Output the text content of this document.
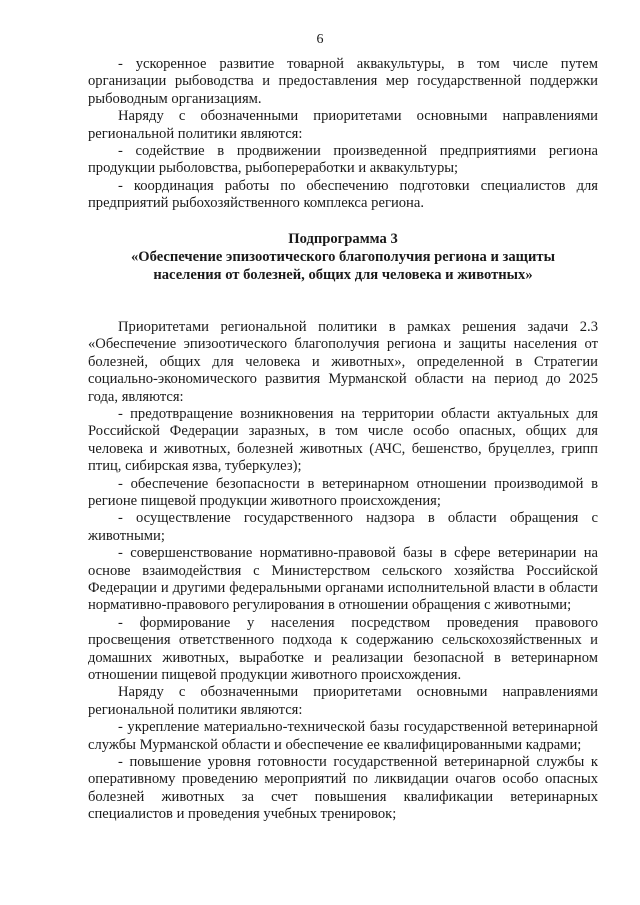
6

- ускоренное развитие товарной аквакультуры, в том числе путем организации рыбоводства и предоставления мер государственной поддержки рыбоводным организациям.

Наряду с обозначенными приоритетами основными направлениями региональной политики являются:

- содействие в продвижении произведенной предприятиями региона продукции рыболовства, рыбопереработки и аквакультуры;

- координация работы по обеспечению подготовки специалистов для предприятий рыбохозяйственного комплекса региона.

Подпрограмма 3

«Обеспечение эпизоотического благополучия региона и защиты

населения от болезней, общих для человека и животных»

Приоритетами региональной политики в рамках решения задачи 2.3 «Обеспечение эпизоотического благополучия региона и защиты населения от болезней, общих для человека и животных», определенной в Стратегии социально-экономического развития Мурманской области на период до 2025 года, являются:

- предотвращение возникновения на территории области актуальных для Российской Федерации заразных, в том числе особо опасных, общих для человека и животных, болезней животных (АЧС, бешенство, бруцеллез, грипп птиц, сибирская язва, туберкулез);

- обеспечение безопасности в ветеринарном отношении производимой в регионе пищевой продукции животного происхождения;

- осуществление государственного надзора в области обращения с животными;

- совершенствование нормативно-правовой базы в сфере ветеринарии на основе взаимодействия с Министерством сельского хозяйства Российской Федерации и другими федеральными органами исполнительной власти в области нормативно-правового регулирования в отношении обращения с животными;

- формирование у населения посредством проведения правового просвещения ответственного подхода к содержанию сельскохозяйственных и домашних животных, выработке и реализации безопасной в ветеринарном отношении пищевой продукции животного происхождения.

Наряду с обозначенными приоритетами основными направлениями региональной политики являются:

- укрепление материально-технической базы государственной ветеринарной службы Мурманской области и обеспечение ее квалифицированными кадрами;

- повышение уровня готовности государственной ветеринарной службы к оперативному проведению мероприятий по ликвидации очагов особо опасных болезней животных за счет повышения квалификации ветеринарных специалистов и проведения учебных тренировок;
